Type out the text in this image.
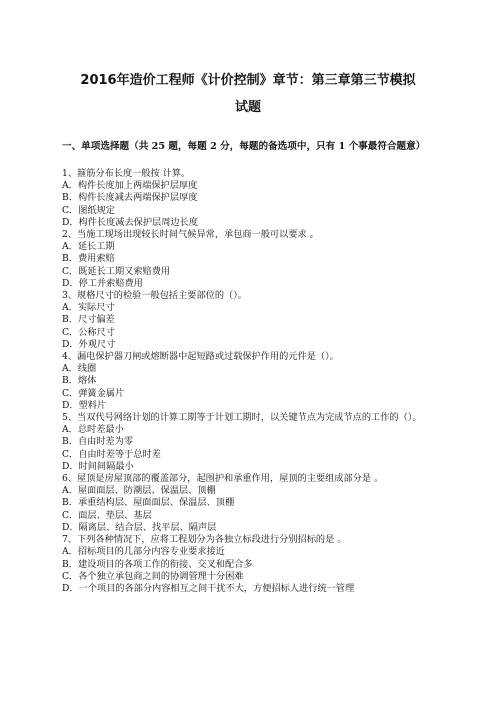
2016年造价工程师《计价控制》章节：第三章第三节模拟
试题
一、单项选择题（共 25 题，每题 2 分，每题的备选项中，只有 1 个事最符合题意）
1、箍筋分布长度一般按 计算。
A．构件长度加上两端保护层厚度
B．构件长度减去两端保护层厚度
C．图纸规定
D．构件长度减去保护层周边长度
2、当施工现场出现较长时间气候异常，承包商一般可以要求 。
A．延长工期
B．费用索赔
C．既延长工期又索赔费用
D．停工并索赔费用
3、规格尺寸的检验一般包括主要部位的（）。
A．实际尺寸
B．尺寸偏差
C．公称尺寸
D．外观尺寸
4、漏电保护器刀闸或熔断器中起短路或过载保护作用的元件是（）。
A．线圈
B．熔体
C．弹簧金属片
D．塑料片
5、当双代号网络计划的计算工期等于计划工期时，以关键节点为完成节点的工作的（）。
A．总时差最小
B．自由时差为零
C．自由时差等于总时差
D．时间间隔最小
6、屋顶是房屋顶部的覆盖部分，起围护和承重作用，屋顶的主要组成部分是 。
A．屋面面层、防潮层、保温层、顶棚
B．承重结构层、屋面面层、保温层、顶棚
C．面层、垫层、基层
D．隔离层、结合层、找平层、隔声层
7、下列各种情况下，应将工程划分为各独立标段进行分别招标的是 。
A．招标项目的几部分内容专业要求接近
B．建设项目的各项工作的衔接、交叉和配合多
C．各个独立承包商之间的协调管理十分困难
D．一个项目的各部分内容相互之间干扰不大，方便招标人进行统一管理
